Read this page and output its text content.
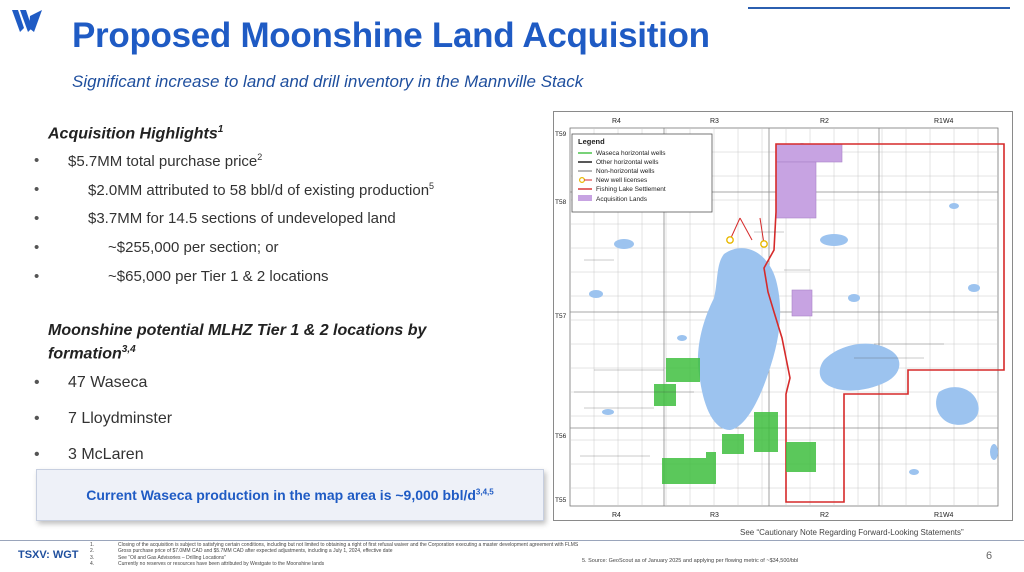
Proposed Moonshine Land Acquisition
Significant increase to land and drill inventory in the Mannville Stack
Acquisition Highlights$^1$
• $5.7MM total purchase price$^2$
• $2.0MM attributed to 58 bbl/d of existing production$^5$
• $3.7MM for 14.5 sections of undeveloped land
• ~$255,000 per section; or
• ~$65,000 per Tier 1 & 2 locations
Moonshine potential MLHZ Tier 1 & 2 locations by
formation$^{3,4}$
• 47 Waseca
• 7 Lloydminster
• 3 McLaren
Current Waseca production in the map area is ~9,000 bbl/$d^{3,4,5}$
Legend
Waseca horizontal wells
Other horizontal wells
Non-horizontal wells
New well licenses
Fishing Lake Settlement
Acquisition Lands
R4	R3	R2	R1W4
R4	R3	R2	R1W4
T59
T58
T57
T56
T55
See “Cautionary Note Regarding Forward-Looking Statements”
TSXV: WGT
1.	Closing of the acquisition is subject to satisfying certain conditions, including but not limited to obtaining a right of first refusal waiver and the Corporation executing a master development agreement with FLMS
2.	Gross purchase price of $7.0MM CAD and $5.7MM CAD after expected adjustments, including a July 1, 2024, effective date
3.	See “Oil and Gas Advisories – Drilling Locations”
4.	Currently no reserves or resources have been attributed by Westgate to the Moonshine lands
5. Source: GeoScout as of January 2025 and applying per flowing metric of ~$34,500/bbl	6
